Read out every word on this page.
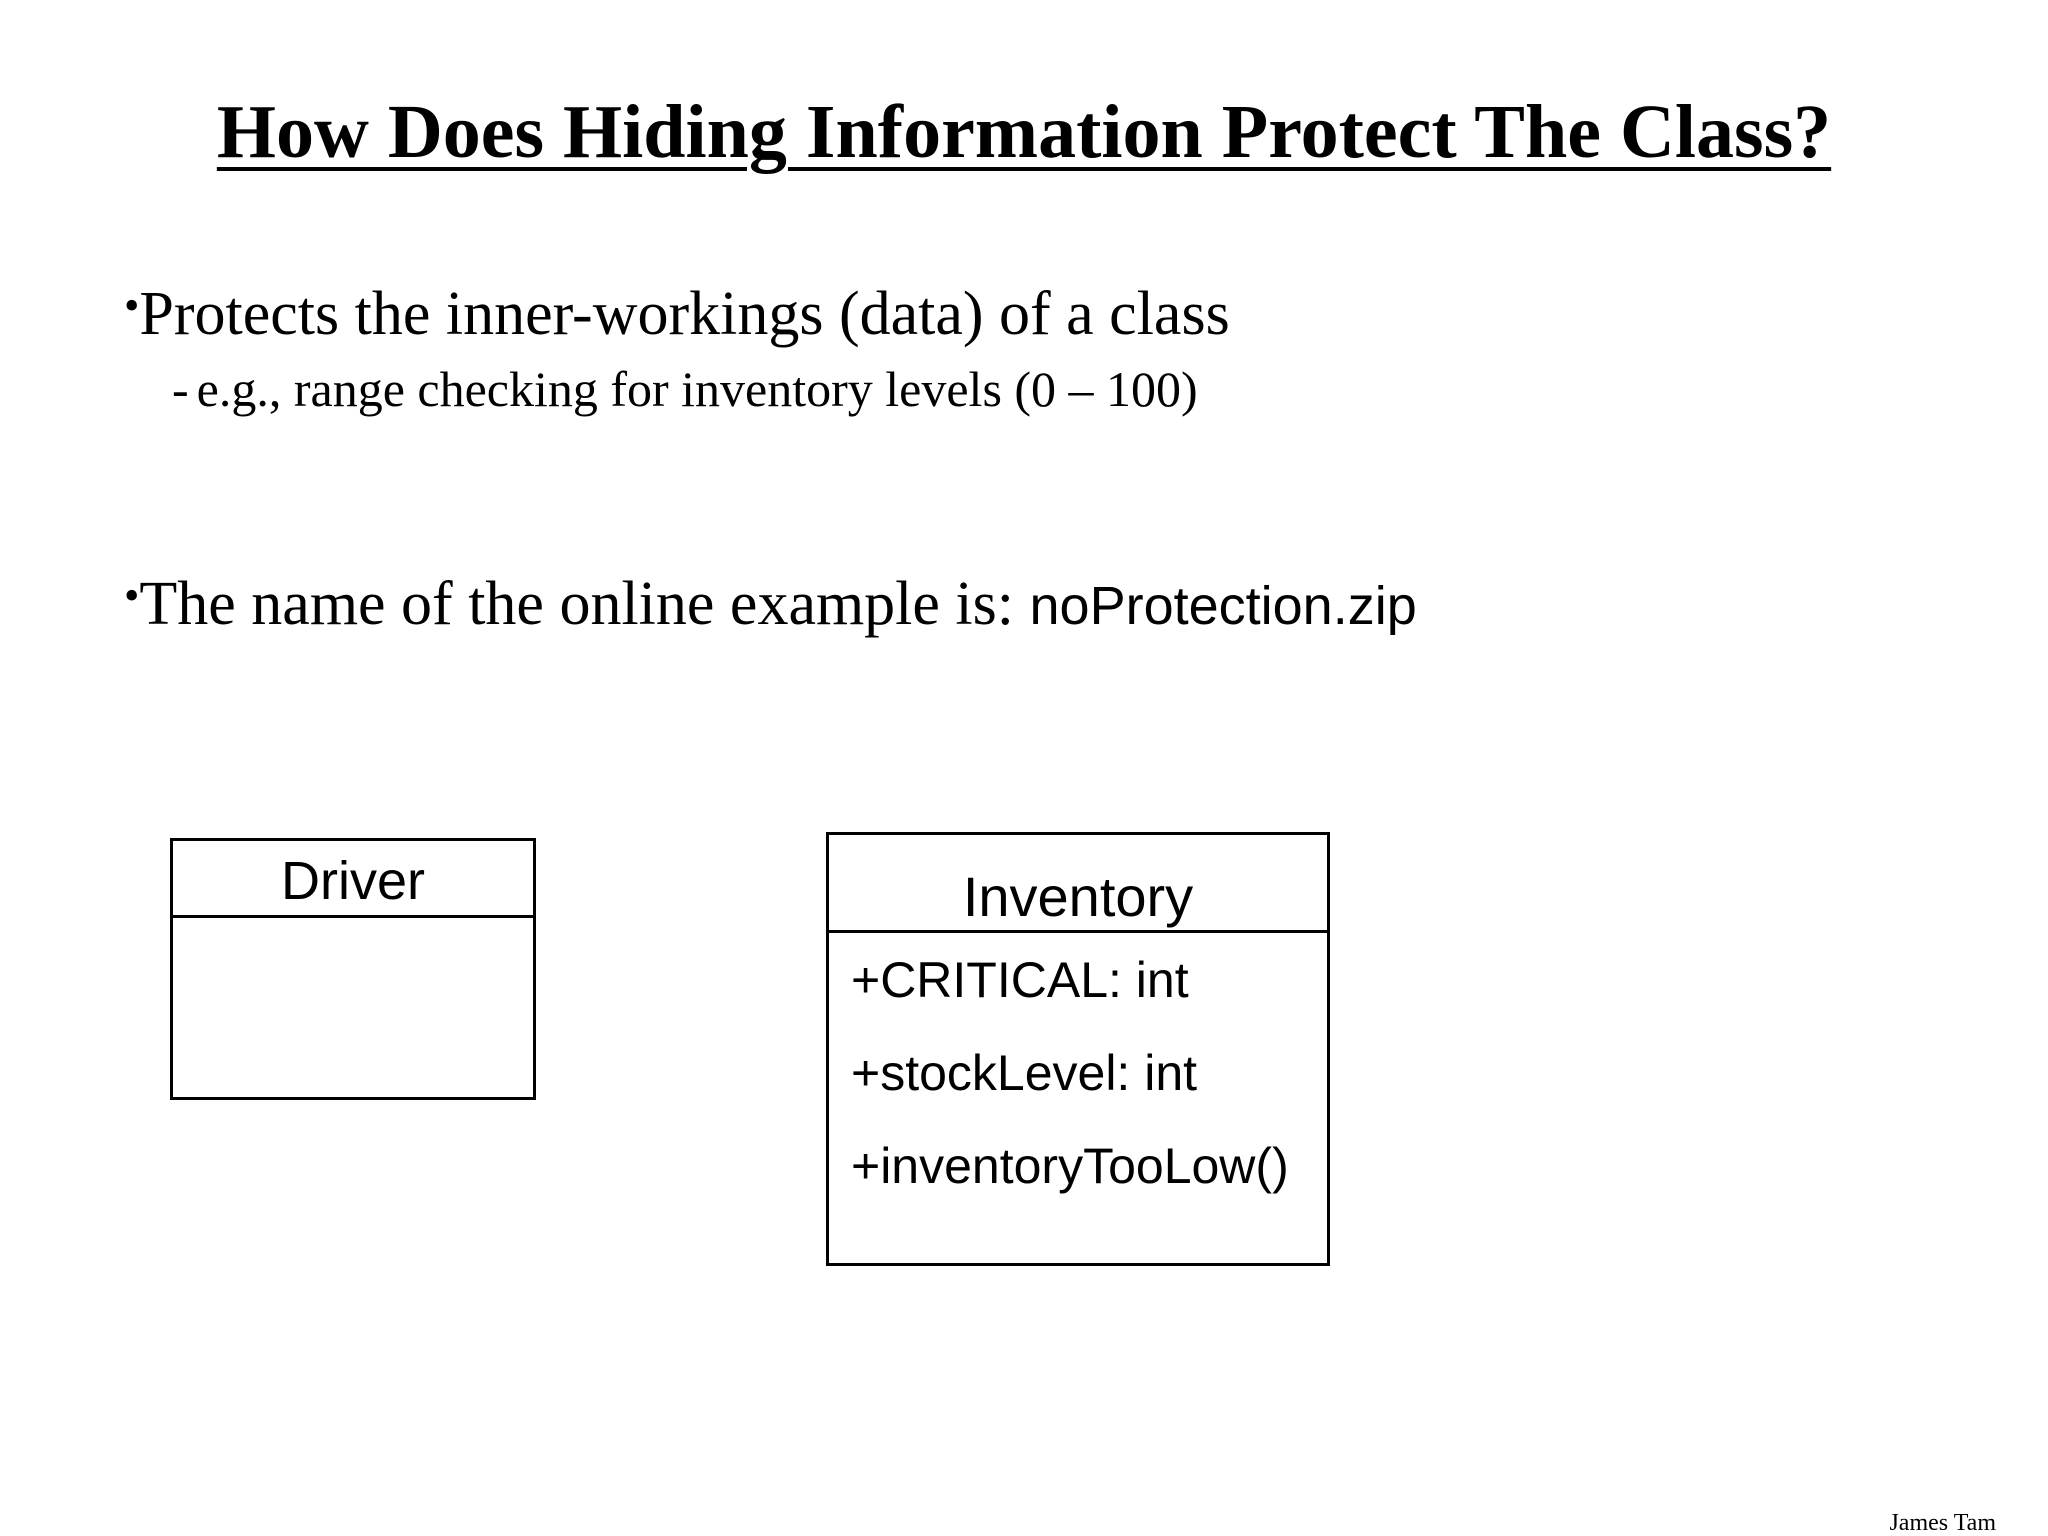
How Does Hiding Information Protect The Class?
•Protects the inner-workings (data) of a class
- e.g., range checking for inventory levels (0 – 100)
•The name of the online example is: noProtection.zip
Driver	Inventory
+CRITICAL: int
+stockLevel: int
+inventoryTooLow()
James Tam
